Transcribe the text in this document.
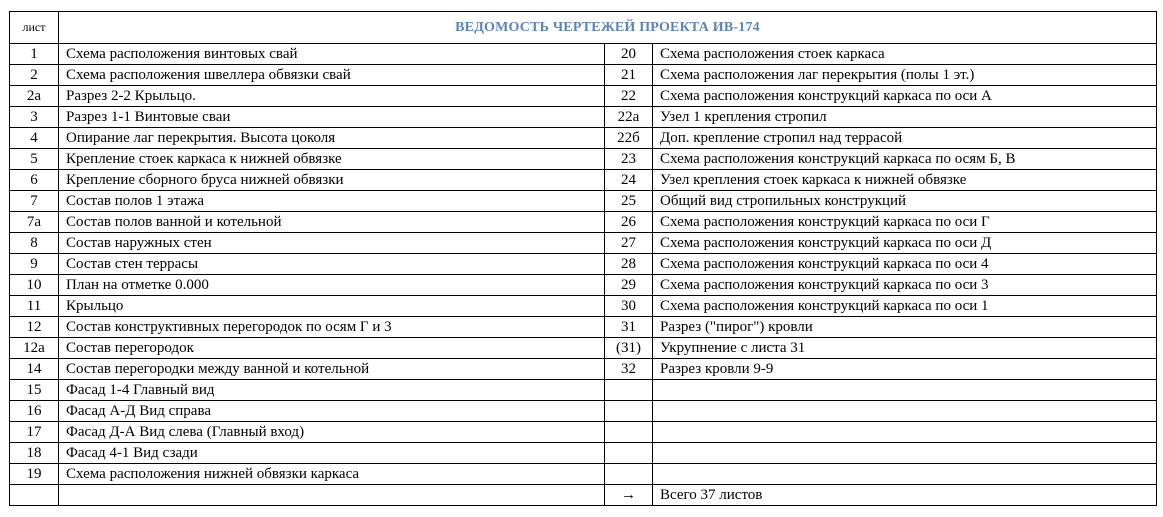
лист	ВЕДОМОСТЬ ЧЕРТЕЖЕЙ ПРОЕКТА ИВ-174		
1	Схема расположения винтовых свай	20	Схема расположения стоек каркаса
2	Схема расположения швеллера обвязки свай	21	Схема расположения лаг перекрытия (полы 1 эт.)
2а	Разрез 2-2 Крыльцо.	22	Схема расположения конструкций каркаса по оси А
3	Разрез 1-1 Винтовые сваи	22а	Узел 1 крепления стропил
4	Опирание лаг перекрытия. Высота цоколя	22б	Доп. крепление стропил над террасой
5	Крепление стоек каркаса к нижней обвязке	23	Схема расположения конструкций каркаса по осям Б, В
6	Крепление сборного бруса нижней обвязки	24	Узел крепления стоек каркаса к нижней обвязке
7	Состав полов 1 этажа	25	Общий вид стропильных конструкций
7а	Состав полов ванной и котельной	26	Схема расположения конструкций каркаса по оси Г
8	Состав наружных стен	27	Схема расположения конструкций каркаса по оси Д
9	Состав стен террасы	28	Схема расположения конструкций каркаса по оси 4
10	План на отметке 0.000	29	Схема расположения конструкций каркаса по оси 3
11	Крыльцо	30	Схема расположения конструкций каркаса по оси 1
12	Состав конструктивных перегородок по осям Г и 3	31	Разрез ("пирог") кровли
12а	Состав перегородок	(31)	Укрупнение с листа 31
14	Состав перегородки между ванной и котельной	32	Разрез кровли 9-9
15	Фасад 1-4 Главный вид		
16	Фасад А-Д Вид справа		
17	Фасад Д-А Вид слева (Главный вход)		
18	Фасад 4-1 Вид сзади		
19	Схема расположения нижней обвязки каркаса		
		→	Всего 37 листов
